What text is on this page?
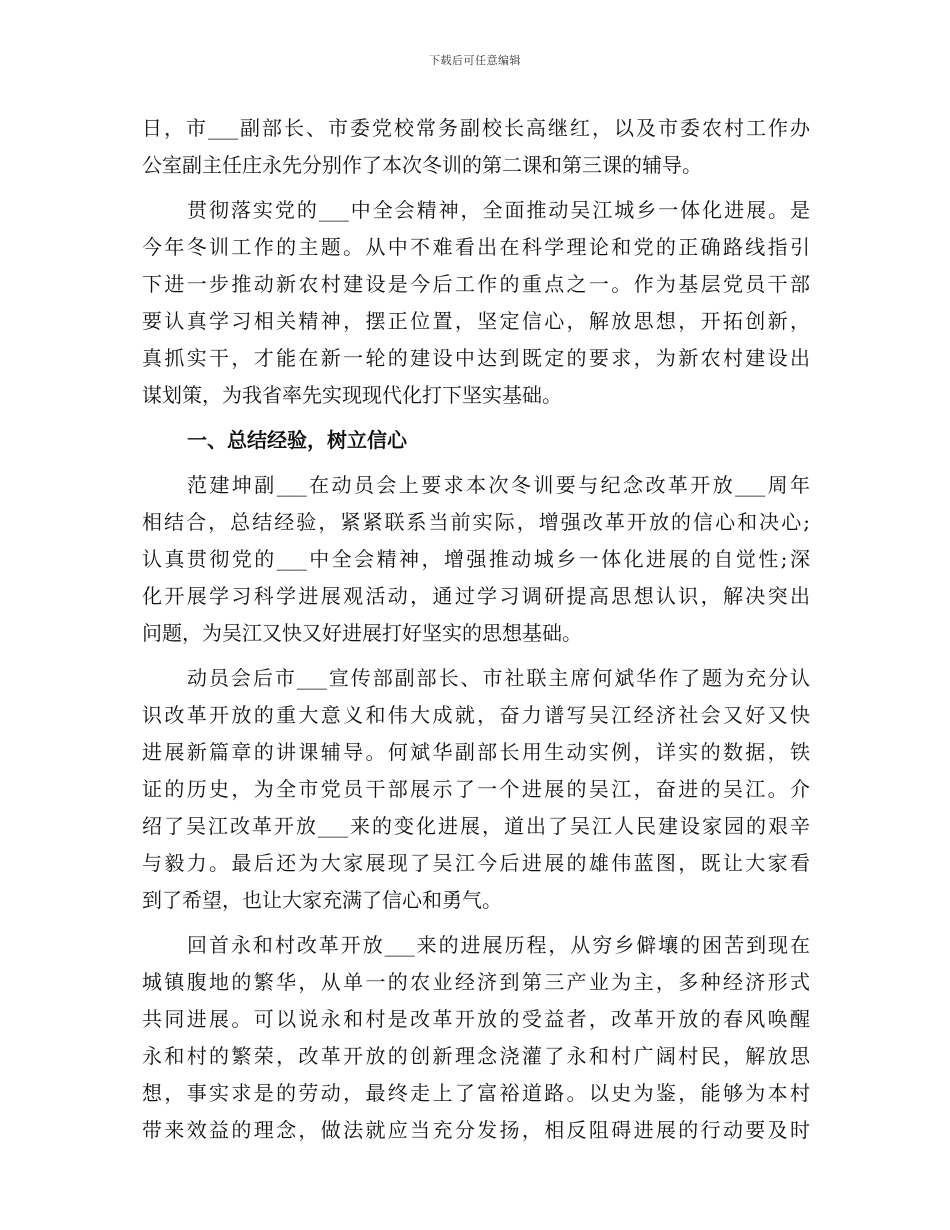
下载后可任意编辑
日，市___副部长、市委党校常务副校长高继红，以及市委农村工作办
公室副主任庄永先分别作了本次冬训的第二课和第三课的辅导。
贯彻落实党的___中全会精神，全面推动吴江城乡一体化进展。是
今年冬训工作的主题。从中不难看出在科学理论和党的正确路线指引
下进一步推动新农村建设是今后工作的重点之一。作为基层党员干部
要认真学习相关精神，摆正位置，坚定信心，解放思想，开拓创新，
真抓实干，才能在新一轮的建设中达到既定的要求，为新农村建设出
谋划策，为我省率先实现现代化打下坚实基础。
一、总结经验，树立信心
范建坤副___在动员会上要求本次冬训要与纪念改革开放___周年
相结合，总结经验，紧紧联系当前实际，增强改革开放的信心和决心;
认真贯彻党的___中全会精神，增强推动城乡一体化进展的自觉性;深
化开展学习科学进展观活动，通过学习调研提高思想认识，解决突出
问题，为吴江又快又好进展打好坚实的思想基础。
动员会后市___宣传部副部长、市社联主席何斌华作了题为充分认
识改革开放的重大意义和伟大成就，奋力谱写吴江经济社会又好又快
进展新篇章的讲课辅导。何斌华副部长用生动实例，详实的数据，铁
证的历史，为全市党员干部展示了一个进展的吴江，奋进的吴江。介
绍了吴江改革开放___来的变化进展，道出了吴江人民建设家园的艰辛
与毅力。最后还为大家展现了吴江今后进展的雄伟蓝图，既让大家看
到了希望，也让大家充满了信心和勇气。
回首永和村改革开放___来的进展历程，从穷乡僻壤的困苦到现在
城镇腹地的繁华，从单一的农业经济到第三产业为主，多种经济形式
共同进展。可以说永和村是改革开放的受益者，改革开放的春风唤醒
永和村的繁荣，改革开放的创新理念浇灌了永和村广阔村民，解放思
想，事实求是的劳动，最终走上了富裕道路。以史为鉴，能够为本村
带来效益的理念，做法就应当充分发扬，相反阻碍进展的行动要及时
